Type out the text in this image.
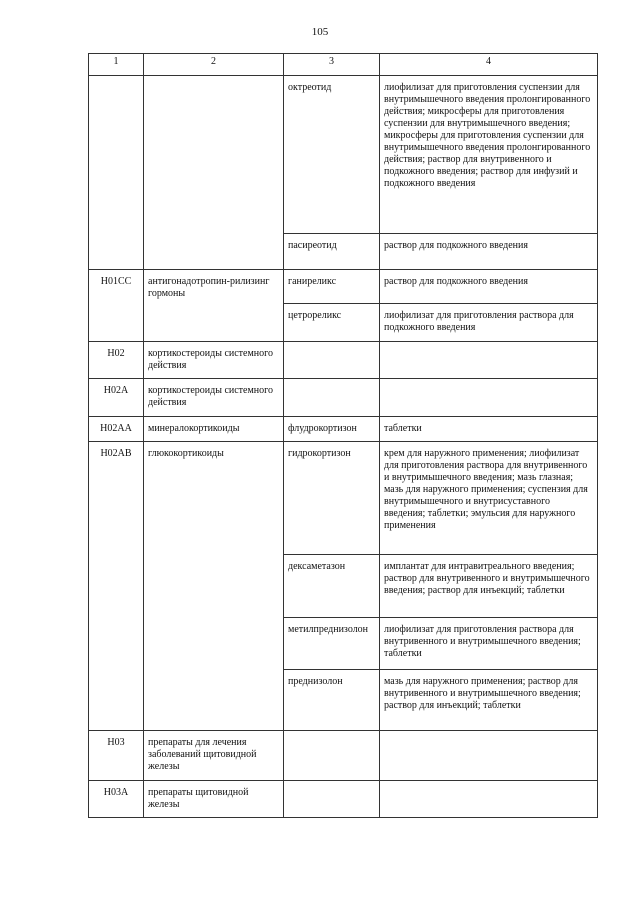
105
1	2	3	4
		октреотид	лиофилизат для приготовления суспензии для внутримышечного введения пролонгированного действия; микросферы для приготовления суспензии для внутримышечного введения; микросферы для приготовления суспензии для внутримышечного введения пролонгированного действия; раствор для внутривенного и подкожного введения; раствор для инфузий и подкожного введения
		пасиреотид	раствор для подкожного введения
H01CC	антигонадотропин-рилизинг гормоны	ганиреликс	раствор для подкожного введения
		цетрореликс	лиофилизат для приготовления раствора для подкожного введения
H02	кортикостероиды системного действия		
H02A	кортикостероиды системного действия		
H02AA	минералокортикоиды	флудрокортизон	таблетки
H02AB	глюкокортикоиды	гидрокортизон	крем для наружного применения; лиофилизат для приготовления раствора для внутривенного и внутримышечного введения; мазь глазная; мазь для наружного применения; суспензия для внутримышечного и внутрисуставного введения; таблетки; эмульсия для наружного применения
		дексаметазон	имплантат для интравитреального введения; раствор для внутривенного и внутримышечного введения; раствор для инъекций; таблетки
		метилпреднизолон	лиофилизат для приготовления раствора для внутривенного и внутримышечного введения; таблетки
		преднизолон	мазь для наружного применения; раствор для внутривенного и внутримышечного введения; раствор для инъекций; таблетки
H03	препараты для лечения заболеваний щитовидной железы		
H03A	препараты щитовидной железы		
